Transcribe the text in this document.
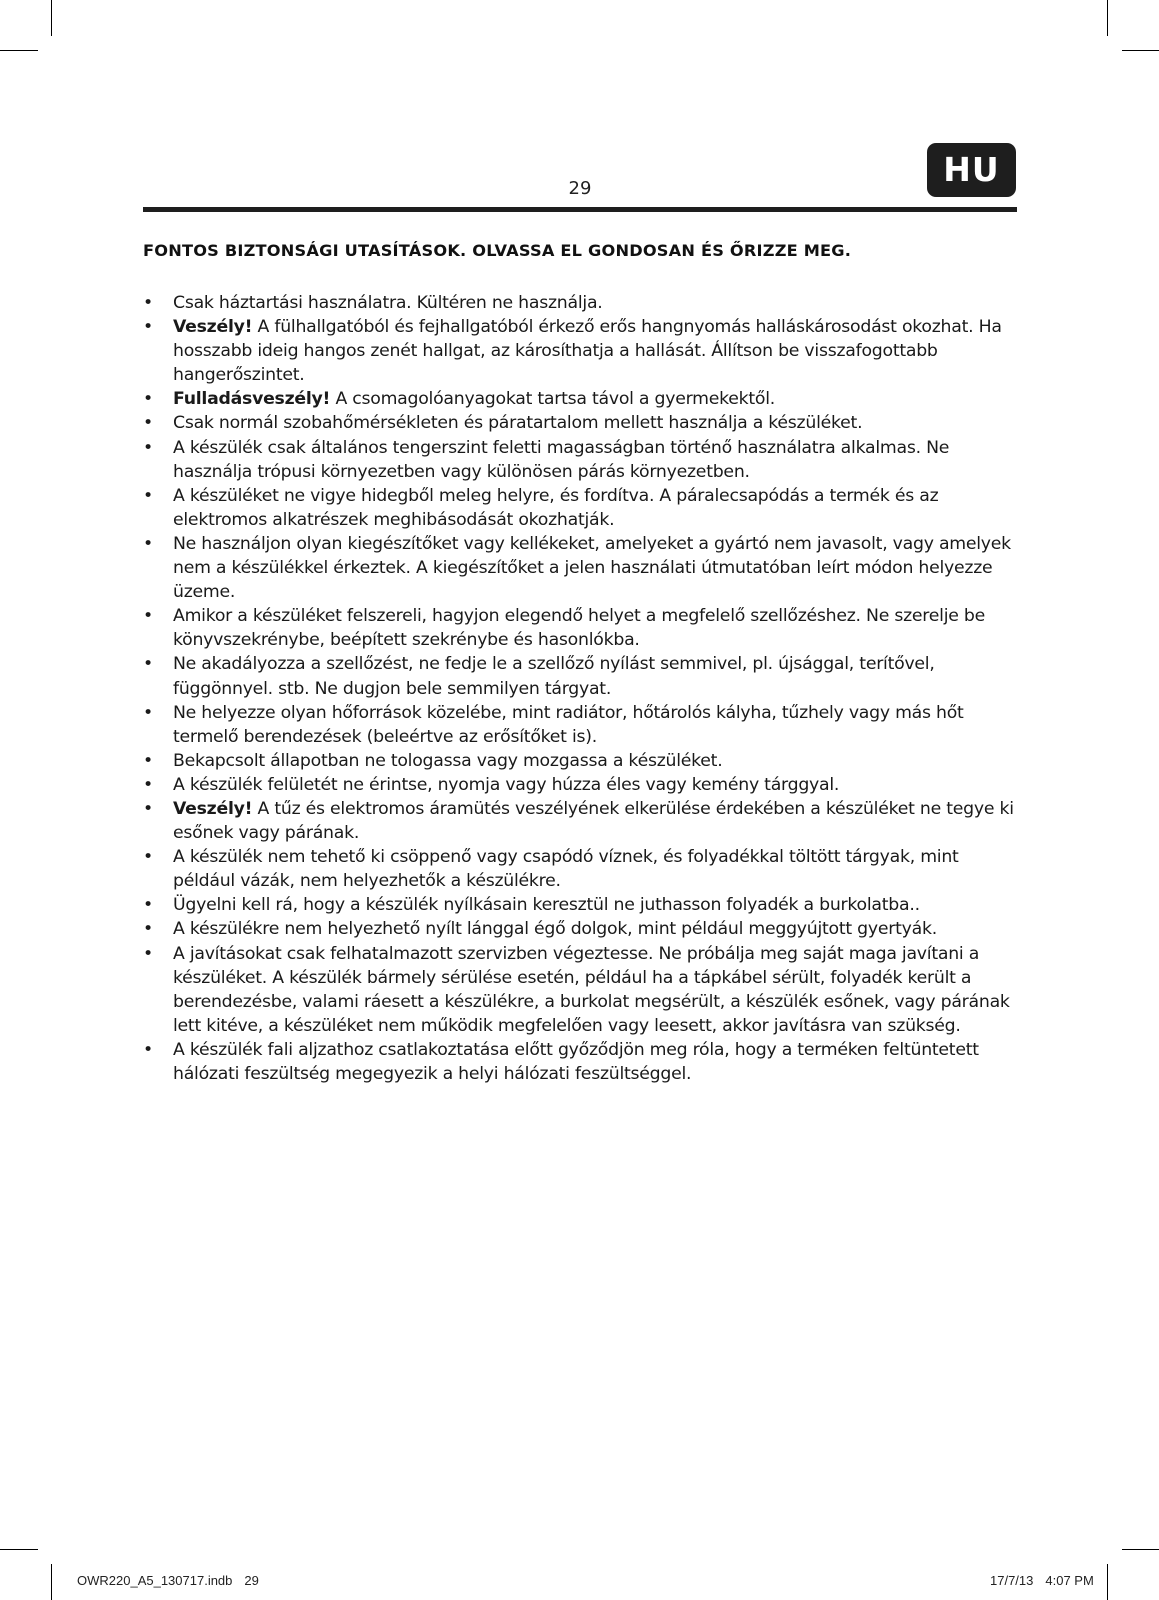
29	HU
FONTOS BIZTONSÁGI UTASÍTÁSOK. OLVASSA EL GONDOSAN ÉS ŐRIZZE MEG.
• Csak háztartási használatra. Kültéren ne használja.
• Veszély! A fülhallgatóból és fejhallgatóból érkező erős hangnyomás halláskárosodást okozhat. Ha hosszabb ideig hangos zenét hallgat, az károsíthatja a hallását. Állítson be visszafogottabb hangerőszintet.
• Fulladásveszély! A csomagolóanyagokat tartsa távol a gyermekektől.
• Csak normál szobahőmérsékleten és páratartalom mellett használja a készüléket.
• A készülék csak általános tengerszint feletti magasságban történő használatra alkalmas. Ne használja trópusi környezetben vagy különösen párás környezetben.
• A készüléket ne vigye hidegből meleg helyre, és fordítva. A páralecsapódás a termék és az elektromos alkatrészek meghibásodását okozhatják.
• Ne használjon olyan kiegészítőket vagy kellékeket, amelyeket a gyártó nem javasolt, vagy amelyek nem a készülékkel érkeztek. A kiegészítőket a jelen használati útmutatóban leírt módon helyezze üzeme.
• Amikor a készüléket felszereli, hagyjon elegendő helyet a megfelelő szellőzéshez. Ne szerelje be könyvszekrénybe, beépített szekrénybe és hasonlókba.
• Ne akadályozza a szellőzést, ne fedje le a szellőző nyílást semmivel, pl. újsággal, terítővel, függönnyel. stb. Ne dugjon bele semmilyen tárgyat.
• Ne helyezze olyan hőforrások közelébe, mint radiátor, hőtárolós kályha, tűzhely vagy más hőt termelő berendezések (beleértve az erősítőket is).
• Bekapcsolt állapotban ne tologassa vagy mozgassa a készüléket.
• A készülék felületét ne érintse, nyomja vagy húzza éles vagy kemény tárggyal.
• Veszély! A tűz és elektromos áramütés veszélyének elkerülése érdekében a készüléket ne tegye ki esőnek vagy párának.
• A készülék nem tehető ki csöppenő vagy csapódó víznek, és folyadékkal töltött tárgyak, mint például vázák, nem helyezhetők a készülékre.
• Ügyelni kell rá, hogy a készülék nyílkásain keresztül ne juthasson folyadék a burkolatba..
• A készülékre nem helyezhető nyílt lánggal égő dolgok, mint például meggyújtott gyertyák.
• A javításokat csak felhatalmazott szervizben végeztesse. Ne próbálja meg saját maga javítani a készüléket. A készülék bármely sérülése esetén, például ha a tápkábel sérült, folyadék került a berendezésbe, valami ráesett a készülékre, a burkolat megsérült, a készülék esőnek, vagy párának lett kitéve, a készüléket nem működik megfelelően vagy leesett, akkor javításra van szükség.
• A készülék fali aljzathoz csatlakoztatása előtt győződjön meg róla, hogy a terméken feltüntetett hálózati feszültség megegyezik a helyi hálózati feszültséggel.
OWR220_A5_130717.indb 29	17/7/13 4:07 PM
